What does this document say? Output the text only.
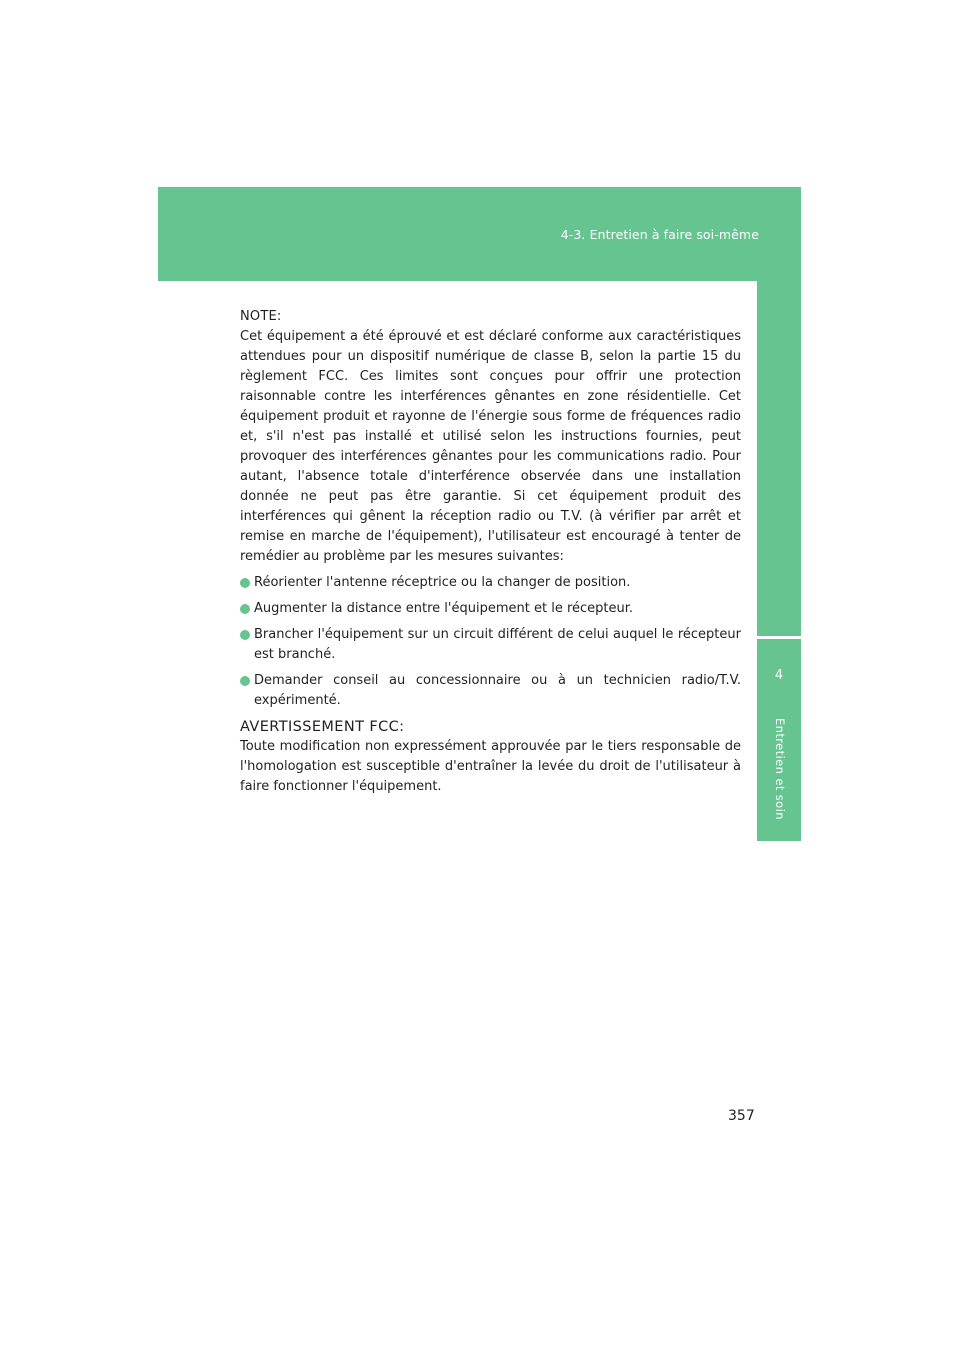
4-3. Entretien à faire soi-même
4
Entretien et soin
NOTE:

Cet équipement a été éprouvé et est déclaré conforme aux caractéristiques attendues pour un dispositif numérique de classe B, selon la partie 15 du règlement FCC. Ces limites sont conçues pour offrir une protection raisonnable contre les interférences gênantes en zone résidentielle. Cet équipement produit et rayonne de l'énergie sous forme de fréquences radio et, s'il n'est pas installé et utilisé selon les instructions fournies, peut provoquer des interférences gênantes pour les communications radio. Pour autant, l'absence totale d'interférence observée dans une installation donnée ne peut pas être garantie. Si cet équipement produit des interférences qui gênent la réception radio ou T.V. (à vérifier par arrêt et remise en marche de l'équipement), l'utilisateur est encouragé à tenter de remédier au problème par les mesures suivantes:

Réorienter l'antenne réceptrice ou la changer de position.
Augmenter la distance entre l'équipement et le récepteur.
Brancher l'équipement sur un circuit différent de celui auquel le récepteur est branché.
Demander conseil au concessionnaire ou à un technicien radio/T.V. expérimenté.
AVERTISSEMENT FCC:

Toute modification non expressément approuvée par le tiers responsable de l'homologation est susceptible d'entraîner la levée du droit de l'utilisateur à faire fonctionner l'équipement.

357
